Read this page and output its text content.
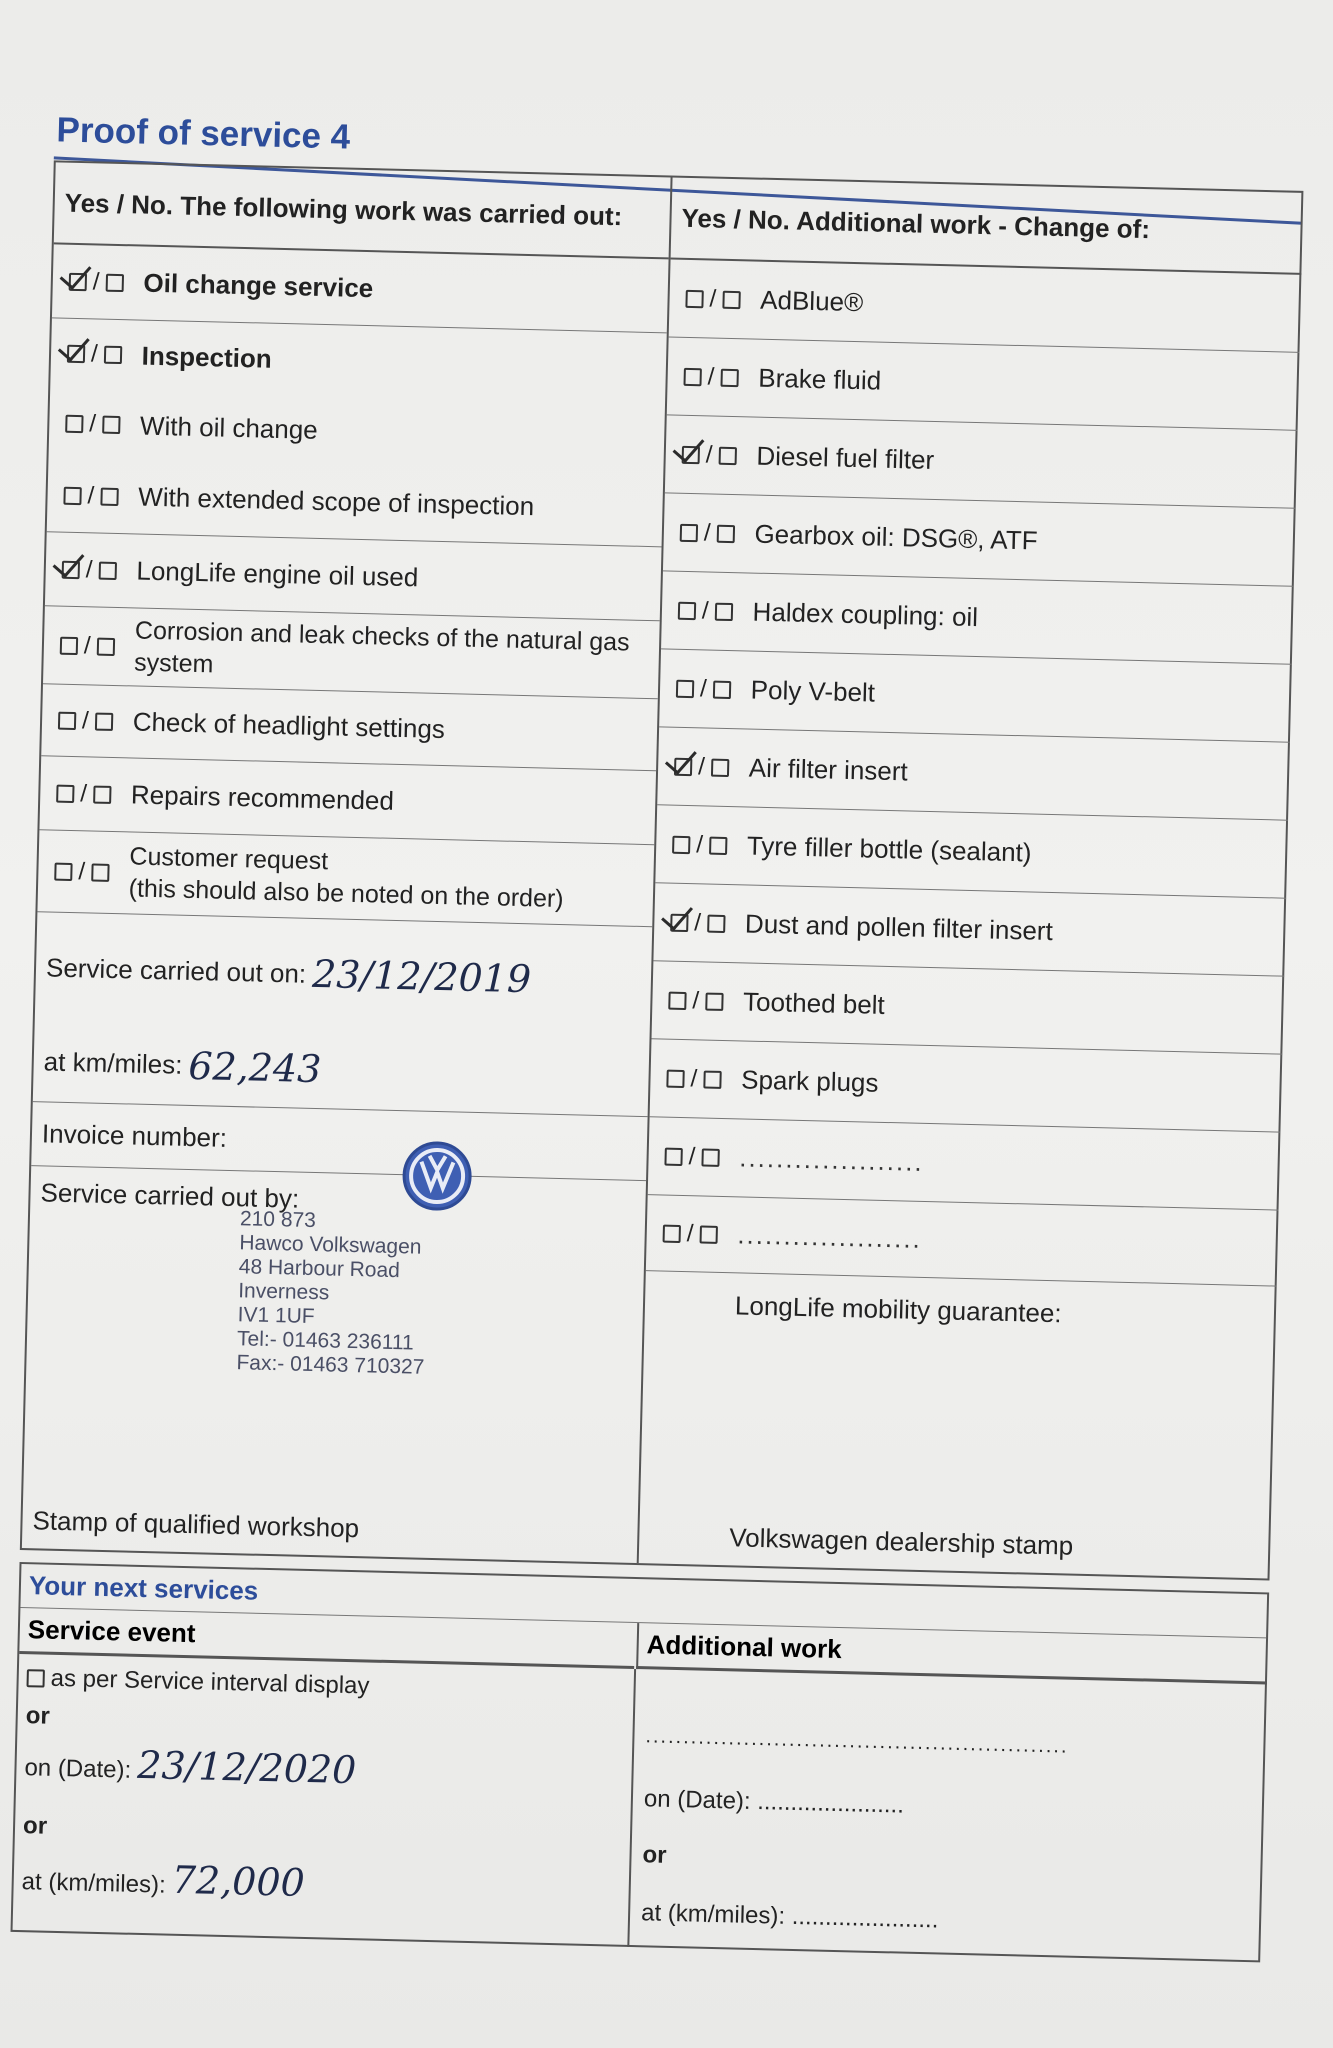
Proof of service 4
Yes / No. The following work was carried out:	Yes / No. Additional work - Change of:
/	Oil change service
/	Inspection
/	With oil change
/	With extended scope of inspection
/	LongLife engine oil used
/	Corrosion and leak checks of the natural gas system
/	Check of headlight settings
/	Repairs recommended
/	Customer request
(this should also be noted on the order)
Service carried out on: 23/12/2019
at km/miles: 62,243
Invoice number:
Service carried out by:
Stamp of qualified workshop
/	AdBlue®
/	Brake fluid
/	Diesel fuel filter
/	Gearbox oil: DSG®, ATF
/	Haldex coupling: oil
/	Poly V-belt
/	Air filter insert
/	Tyre filler bottle (sealant)
/	Dust and pollen filter insert
/	Toothed belt
/	Spark plugs
/	....................
/	....................
LongLife mobility guarantee:
Volkswagen dealership stamp
210 873
Hawco Volkswagen
48 Harbour Road
Inverness
IV1 1UF
Tel:- 01463 236111
Fax:- 01463 710327
Your next services
Service event	Additional work
as per Service interval display
or
on (Date): 23/12/2020
or
at (km/miles): 72,000
........................................................
on (Date): ......................
or
at (km/miles): ......................
